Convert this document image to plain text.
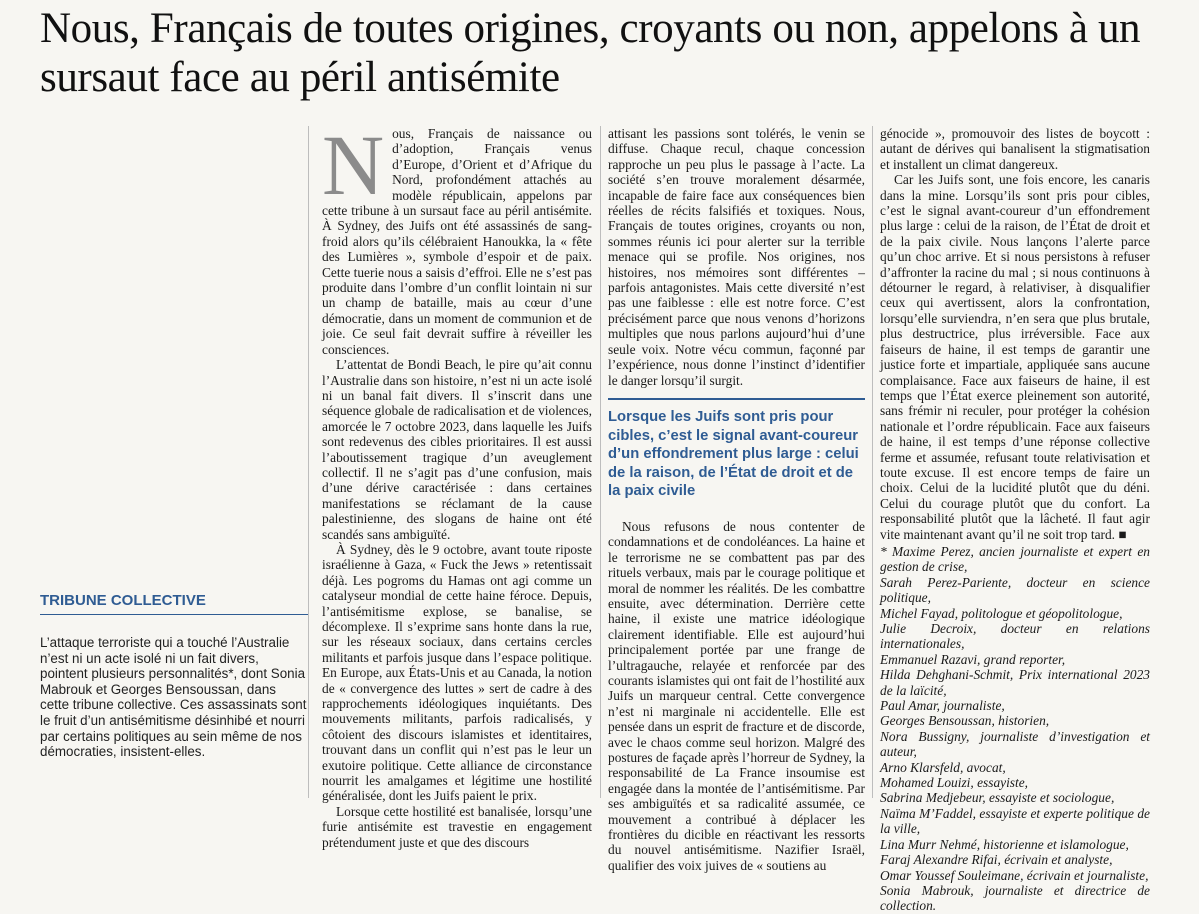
Nous, Français de toutes origines, croyants ou non, appelons à un sursaut face au péril antisémite
TRIBUNE COLLECTIVE

L’attaque terroriste qui a touché l’Australie n’est ni un acte isolé ni un fait divers, pointent plusieurs personnalités*, dont Sonia Mabrouk et Georges Bensoussan, dans cette tribune collective. Ces assassinats sont le fruit d’un antisémitisme désinhibé et nourri par certains politiques au sein même de nos démocraties, insistent-elles.

Nous, Français de naissance ou d’adoption, Français venus d’Europe, d’Orient et d’Afrique du Nord, profondément attachés au modèle républicain, appelons par cette tribune à un sursaut face au péril antisémite. À Sydney, des Juifs ont été assassinés de sang-froid alors qu’ils célébraient Hanoukka, la « fête des Lumières », symbole d’espoir et de paix. Cette tuerie nous a saisis d’effroi. Elle ne s’est pas produite dans l’ombre d’un conflit lointain ni sur un champ de bataille, mais au cœur d’une démocratie, dans un moment de communion et de joie. Ce seul fait devrait suffire à réveiller les consciences.

L’attentat de Bondi Beach, le pire qu’ait connu l’Australie dans son histoire, n’est ni un acte isolé ni un banal fait divers. Il s’inscrit dans une séquence globale de radicalisation et de violences, amorcée le 7 octobre 2023, dans laquelle les Juifs sont redevenus des cibles prioritaires. Il est aussi l’aboutissement tragique d’un aveuglement collectif. Il ne s’agit pas d’une confusion, mais d’une dérive caractérisée : dans certaines manifestations se réclamant de la cause palestinienne, des slogans de haine ont été scandés sans ambiguïté.

À Sydney, dès le 9 octobre, avant toute riposte israélienne à Gaza, « Fuck the Jews » retentissait déjà. Les pogroms du Hamas ont agi comme un catalyseur mondial de cette haine féroce. Depuis, l’antisémitisme explose, se banalise, se décomplexe. Il s’exprime sans honte dans la rue, sur les réseaux sociaux, dans certains cercles militants et parfois jusque dans l’espace politique. En Europe, aux États-Unis et au Canada, la notion de « convergence des luttes » sert de cadre à des rapprochements idéologiques inquiétants. Des mouvements militants, parfois radicalisés, y côtoient des discours islamistes et identitaires, trouvant dans un conflit qui n’est pas le leur un exutoire politique. Cette alliance de circonstance nourrit les amalgames et légitime une hostilité généralisée, dont les Juifs paient le prix.

Lorsque cette hostilité est banalisée, lorsqu’une furie antisémite est travestie en engagement prétendument juste et que des discours

attisant les passions sont tolérés, le venin se diffuse. Chaque recul, chaque concession rapproche un peu plus le passage à l’acte. La société s’en trouve moralement désarmée, incapable de faire face aux conséquences bien réelles de récits falsifiés et toxiques. Nous, Français de toutes origines, croyants ou non, sommes réunis ici pour alerter sur la terrible menace qui se profile. Nos origines, nos histoires, nos mémoires sont différentes – parfois antagonistes. Mais cette diversité n’est pas une faiblesse : elle est notre force. C’est précisément parce que nous venons d’horizons multiples que nous parlons aujourd’hui d’une seule voix. Notre vécu commun, façonné par l’expérience, nous donne l’instinct d’identifier le danger lorsqu’il surgit.

Lorsque les Juifs sont pris pour cibles, c’est le signal avant-coureur d’un effondrement plus large : celui de la raison, de l’État de droit et de la paix civile

Nous refusons de nous contenter de condamnations et de condoléances. La haine et le terrorisme ne se combattent pas par des rituels verbaux, mais par le courage politique et moral de nommer les réalités. De les combattre ensuite, avec détermination. Derrière cette haine, il existe une matrice idéologique clairement identifiable. Elle est aujourd’hui principalement portée par une frange de l’ultragauche, relayée et renforcée par des courants islamistes qui ont fait de l’hostilité aux Juifs un marqueur central. Cette convergence n’est ni marginale ni accidentelle. Elle est pensée dans un esprit de fracture et de discorde, avec le chaos comme seul horizon. Malgré des postures de façade après l’horreur de Sydney, la responsabilité de La France insoumise est engagée dans la montée de l’antisémitisme. Par ses ambiguïtés et sa radicalité assumée, ce mouvement a contribué à déplacer les frontières du dicible en réactivant les ressorts du nouvel antisémitisme. Nazifier Israël, qualifier des voix juives de « soutiens au

génocide », promouvoir des listes de boycott : autant de dérives qui banalisent la stigmatisation et installent un climat dangereux.

Car les Juifs sont, une fois encore, les canaris dans la mine. Lorsqu’ils sont pris pour cibles, c’est le signal avant-coureur d’un effondrement plus large : celui de la raison, de l’État de droit et de la paix civile. Nous lançons l’alerte parce qu’un choc arrive. Et si nous persistons à refuser d’affronter la racine du mal ; si nous continuons à détourner le regard, à relativiser, à disqualifier ceux qui avertissent, alors la confrontation, lorsqu’elle surviendra, n’en sera que plus brutale, plus destructrice, plus irréversible. Face aux faiseurs de haine, il est temps de garantir une justice forte et impartiale, appliquée sans aucune complaisance. Face aux faiseurs de haine, il est temps que l’État exerce pleinement son autorité, sans frémir ni reculer, pour protéger la cohésion nationale et l’ordre républicain. Face aux faiseurs de haine, il est temps d’une réponse collective ferme et assumée, refusant toute relativisation et toute excuse. Il est encore temps de faire un choix. Celui de la lucidité plutôt que du déni. Celui du courage plutôt que du confort. La responsabilité plutôt que la lâcheté. Il faut agir vite maintenant avant qu’il ne soit trop tard. ■

* Maxime Perez, ancien journaliste et expert en gestion de crise,

Sarah Perez-Pariente, docteur en science politique,

Michel Fayad, politologue et géopolitologue,

Julie Decroix, docteur en relations internationales,

Emmanuel Razavi, grand reporter,

Hilda Dehghani-Schmit, Prix international 2023 de la laïcité,

Paul Amar, journaliste,

Georges Bensoussan, historien,

Nora Bussigny, journaliste d’investigation et auteur,

Arno Klarsfeld, avocat,

Mohamed Louizi, essayiste,

Sabrina Medjebeur, essayiste et sociologue,

Naïma M’Faddel, essayiste et experte politique de la ville,

Lina Murr Nehmé, historienne et islamologue,

Faraj Alexandre Rifai, écrivain et analyste,

Omar Youssef Souleimane, écrivain et journaliste,

Sonia Mabrouk, journaliste et directrice de collection.
